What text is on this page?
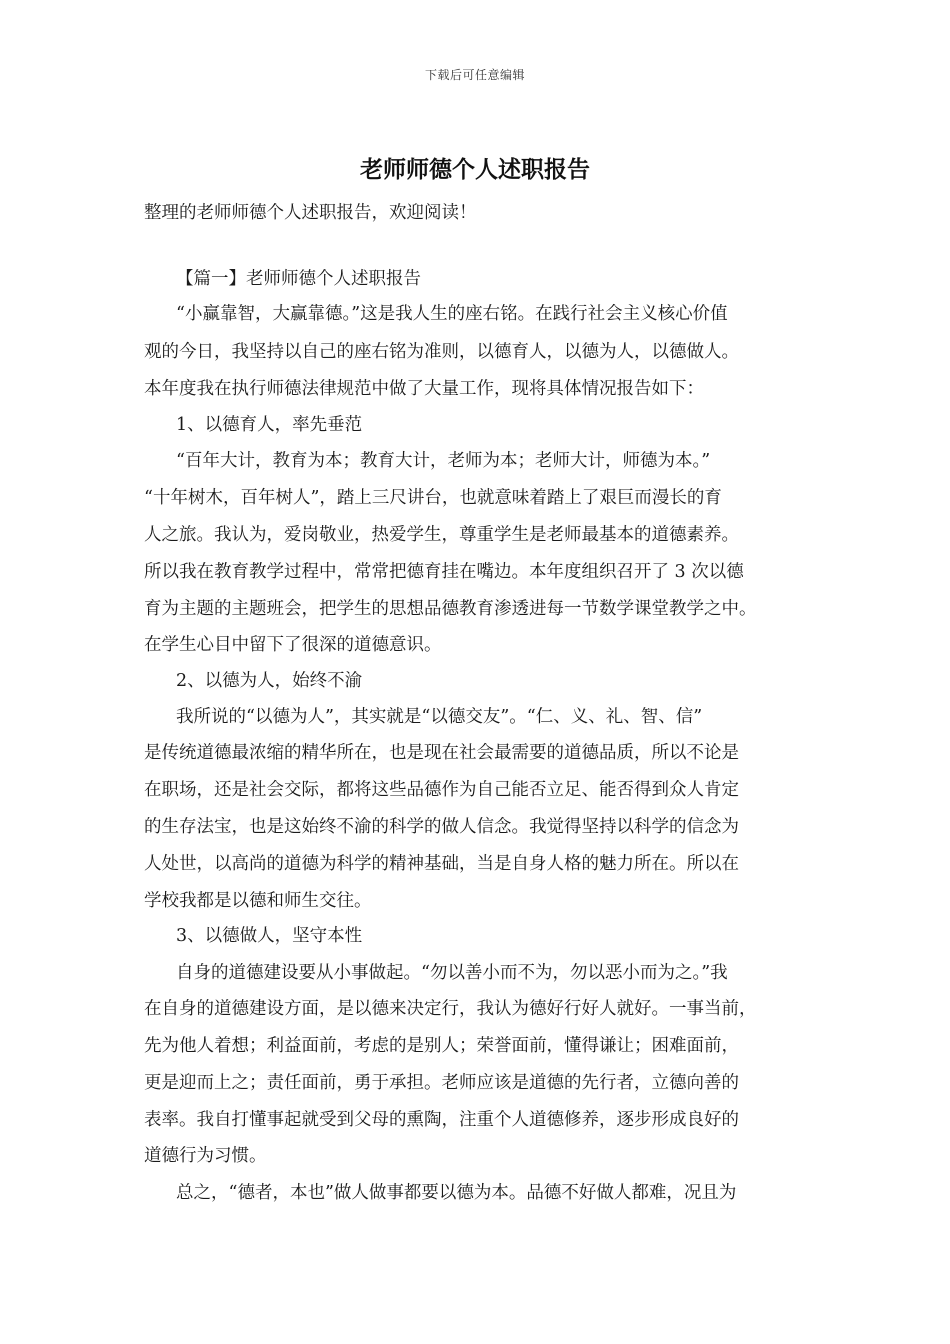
下载后可任意编辑
老师师德个人述职报告

整理的老师师德个人述职报告，欢迎阅读！

【篇一】老师师德个人述职报告

“小赢靠智，大赢靠德。”这是我人生的座右铭。在践行社会主义核心价值

观的今日，我坚持以自己的座右铭为准则，以德育人，以德为人，以德做人。

本年度我在执行师德法律规范中做了大量工作，现将具体情况报告如下：

1、以德育人，率先垂范

“百年大计，教育为本；教育大计，老师为本；老师大计，师德为本。”

“十年树木，百年树人”，踏上三尺讲台，也就意味着踏上了艰巨而漫长的育

人之旅。我认为，爱岗敬业，热爱学生，尊重学生是老师最基本的道德素养。

所以我在教育教学过程中，常常把德育挂在嘴边。本年度组织召开了 3 次以德

育为主题的主题班会，把学生的思想品德教育渗透进每一节数学课堂教学之中。

在学生心目中留下了很深的道德意识。

2、以德为人，始终不渝

我所说的“以德为人”，其实就是“以德交友”。“仁、义、礼、智、信”

是传统道德最浓缩的精华所在，也是现在社会最需要的道德品质，所以不论是

在职场，还是社会交际，都将这些品德作为自己能否立足、能否得到众人肯定

的生存法宝，也是这始终不渝的科学的做人信念。我觉得坚持以科学的信念为

人处世，以高尚的道德为科学的精神基础，当是自身人格的魅力所在。所以在

学校我都是以德和师生交往。

3、以德做人，坚守本性

自身的道德建设要从小事做起。“勿以善小而不为，勿以恶小而为之。”我

在自身的道德建设方面，是以德来决定行，我认为德好行好人就好。一事当前，

先为他人着想；利益面前，考虑的是别人；荣誉面前，懂得谦让；困难面前，

更是迎而上之；责任面前，勇于承担。老师应该是道德的先行者，立德向善的

表率。我自打懂事起就受到父母的熏陶，注重个人道德修养，逐步形成良好的

道德行为习惯。

总之，“德者，本也”做人做事都要以德为本。品德不好做人都难，况且为
